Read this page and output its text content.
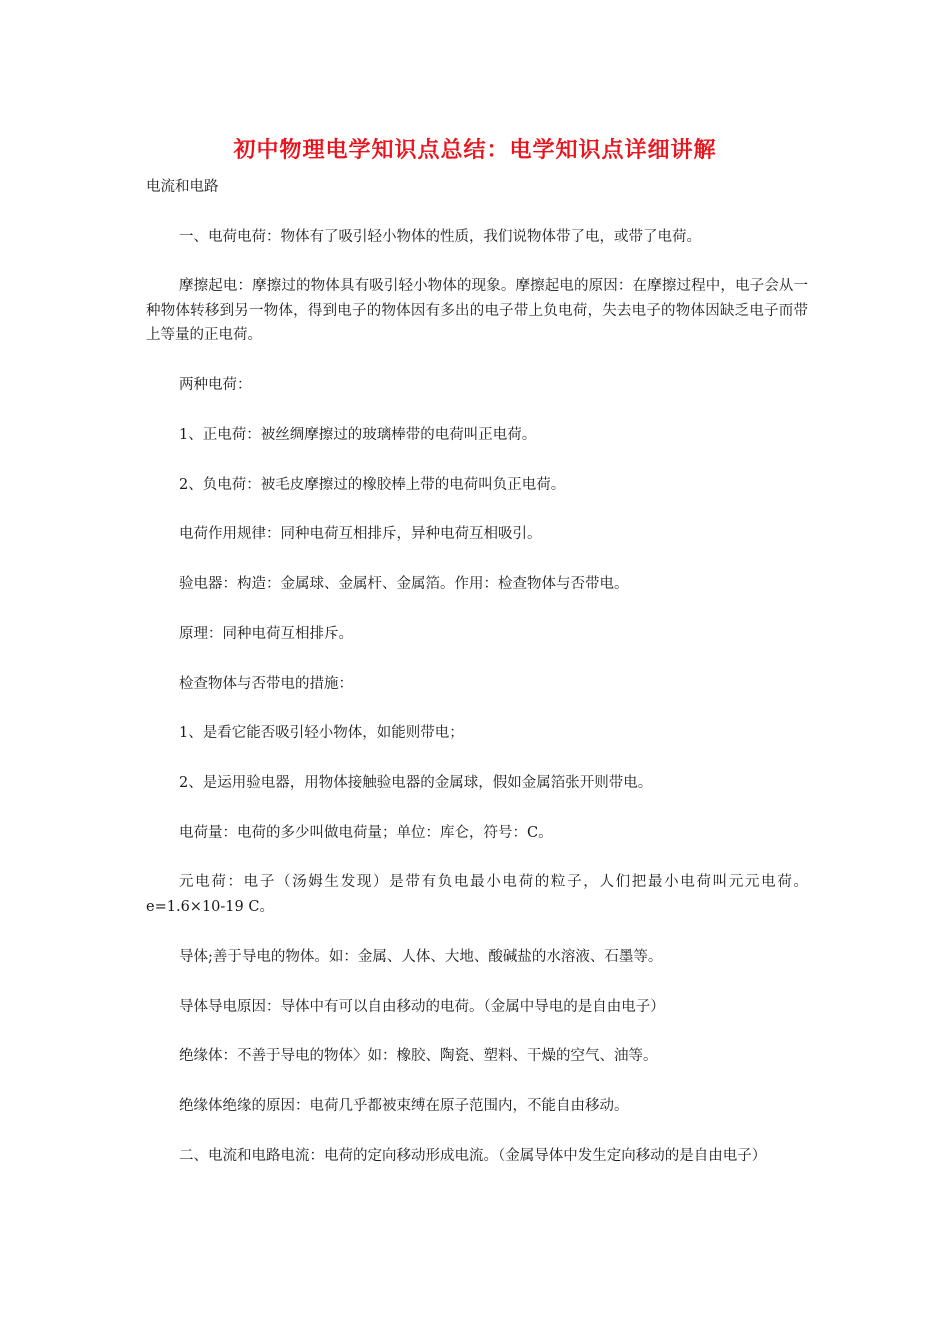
初中物理电学知识点总结：电学知识点详细讲解
电流和电路

一、电荷电荷：物体有了吸引轻小物体的性质，我们说物体带了电，或带了电荷。

摩擦起电：摩擦过的物体具有吸引轻小物体的现象。摩擦起电的原因：在摩擦过程中，电子会从一种物体转移到另一物体，得到电子的物体因有多出的电子带上负电荷，失去电子的物体因缺乏电子而带上等量的正电荷。

两种电荷：

1、正电荷：被丝绸摩擦过的玻璃棒带的电荷叫正电荷。

2、负电荷：被毛皮摩擦过的橡胶棒上带的电荷叫负正电荷。

电荷作用规律：同种电荷互相排斥，异种电荷互相吸引。

验电器：构造：金属球、金属杆、金属箔。作用：检查物体与否带电。

原理：同种电荷互相排斥。

检查物体与否带电的措施：

1、是看它能否吸引轻小物体，如能则带电；

2、是运用验电器，用物体接触验电器的金属球，假如金属箔张开则带电。

电荷量：电荷的多少叫做电荷量；单位：库仑，符号：C。

元电荷：电子（汤姆生发现）是带有负电最小电荷的粒子，人们把最小电荷叫元元电荷。e=1.6×10-19 C。

导体;善于导电的物体。如：金属、人体、大地、酸碱盐的水溶液、石墨等。

导体导电原因：导体中有可以自由移动的电荷。（金属中导电的是自由电子）

绝缘体：不善于导电的物体〉如：橡胶、陶瓷、塑料、干燥的空气、油等。

绝缘体绝缘的原因：电荷几乎都被束缚在原子范围内，不能自由移动。

二、电流和电路电流：电荷的定向移动形成电流。（金属导体中发生定向移动的是自由电子）
